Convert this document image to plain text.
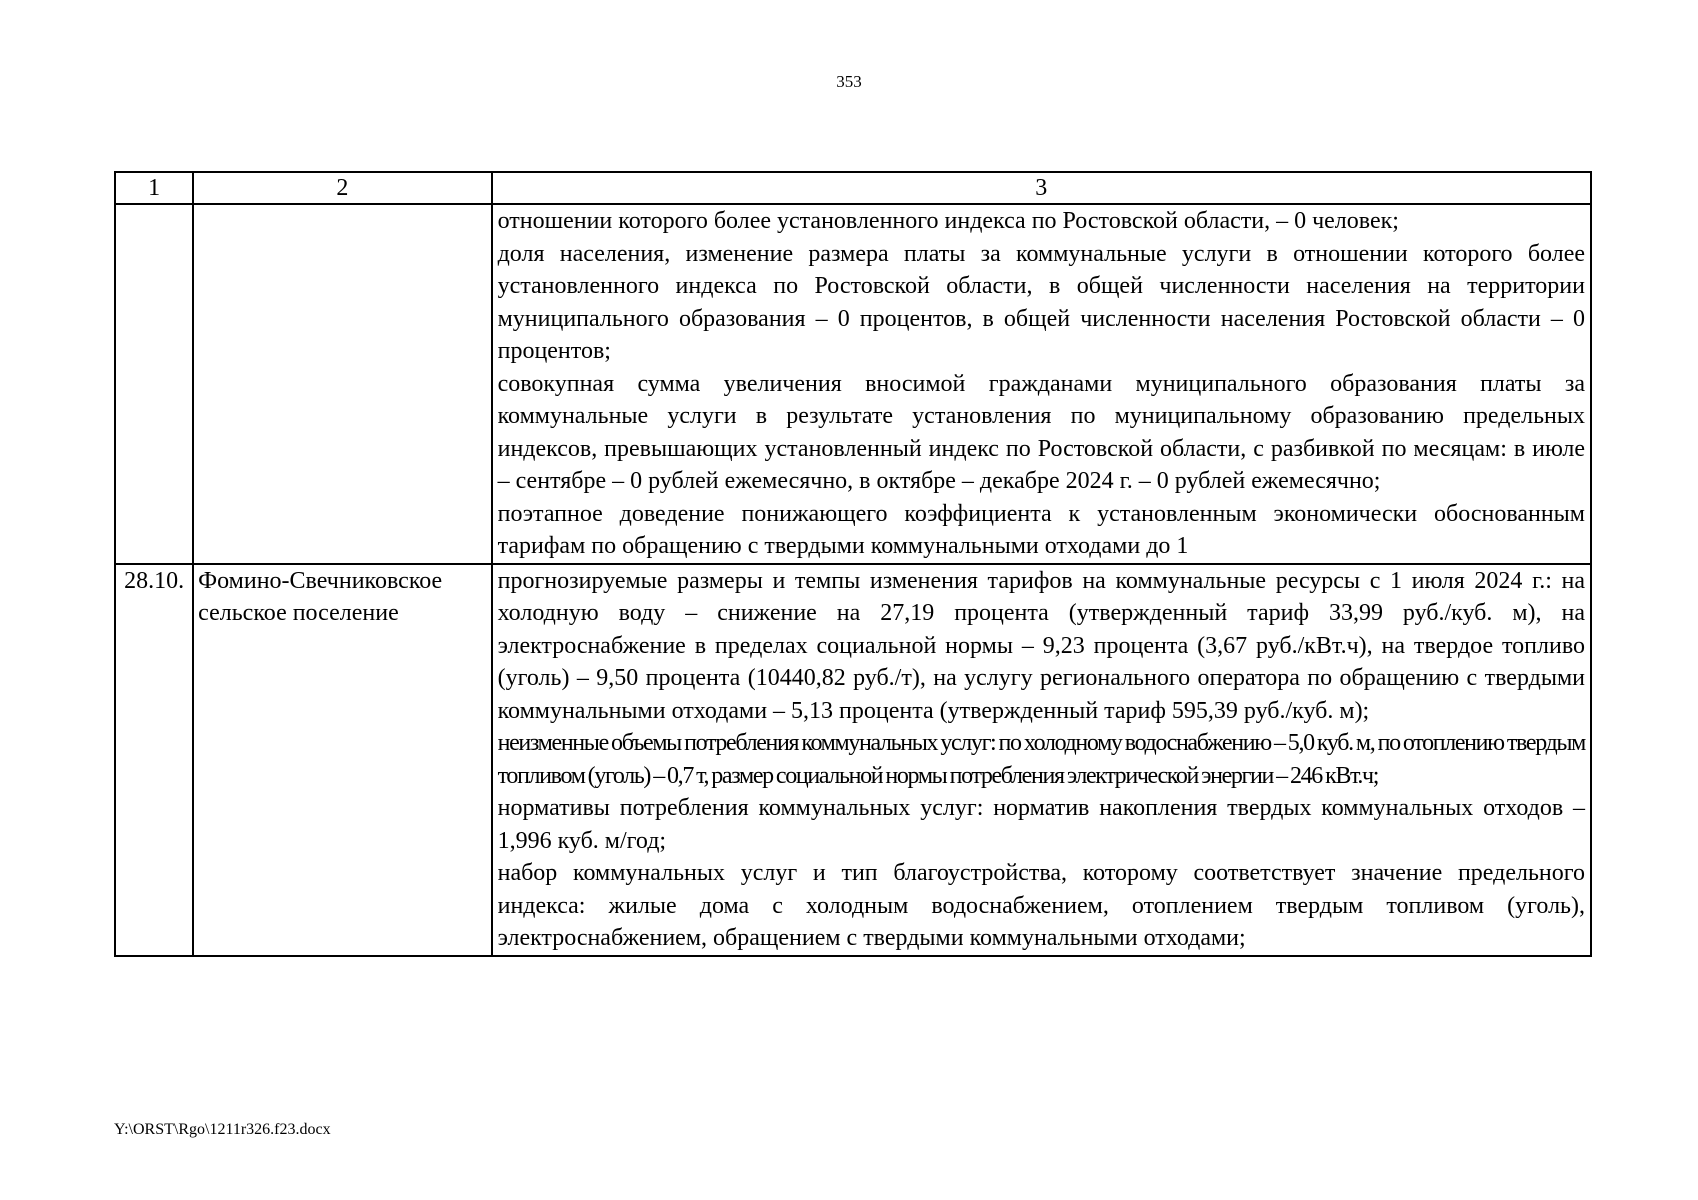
353
1	2	3

		отношении которого более установленного индекса по Ростовской области, – 0 человек;

доля населения, изменение размера платы за коммунальные услуги в отношении которого более установленного индекса по Ростовской области, в общей численности населения на территории муниципального образования – 0 процентов, в общей численности населения Ростовской области – 0 процентов;

совокупная сумма увеличения вносимой гражданами муниципального образования платы за коммунальные услуги в результате установления по муниципальному образованию предельных индексов, превышающих установленный индекс по Ростовской области, с разбивкой по месяцам: в июле – сентябре – 0 рублей ежемесячно, в октябре – декабре 2024 г. – 0 рублей ежемесячно;

поэтапное доведение понижающего коэффициента к установленным экономически обоснованным тарифам по обращению с твердыми коммунальными отходами до 1

28.10.	Фомино-Свечниковское сельское поселение	прогнозируемые размеры и темпы изменения тарифов на коммунальные ресурсы с 1 июля 2024 г.: на холодную воду – снижение на 27,19 процента (утвержденный тариф 33,99 руб./куб. м), на электроснабжение в пределах социальной нормы – 9,23 процента (3,67 руб./кВт.ч), на твердое топливо (уголь) – 9,50 процента (10440,82 руб./т), на услугу регионального оператора по обращению с твердыми коммунальными отходами – 5,13 процента (утвержденный тариф 595,39 руб./куб. м);

неизменные объемы потребления коммунальных услуг: по холодному водоснабжению – 5,0 куб. м, по отоплению твердым топливом (уголь) – 0,7 т, размер социальной нормы потребления электрической энергии – 246 кВт.ч;

нормативы потребления коммунальных услуг: норматив накопления твердых коммунальных отходов – 1,996 куб. м/год;

набор коммунальных услуг и тип благоустройства, которому соответствует значение предельного индекса: жилые дома с холодным водоснабжением, отоплением твердым топливом (уголь), электроснабжением, обращением с твердыми коммунальными отходами;

Y:\ORST\Rgo\1211r326.f23.docx
